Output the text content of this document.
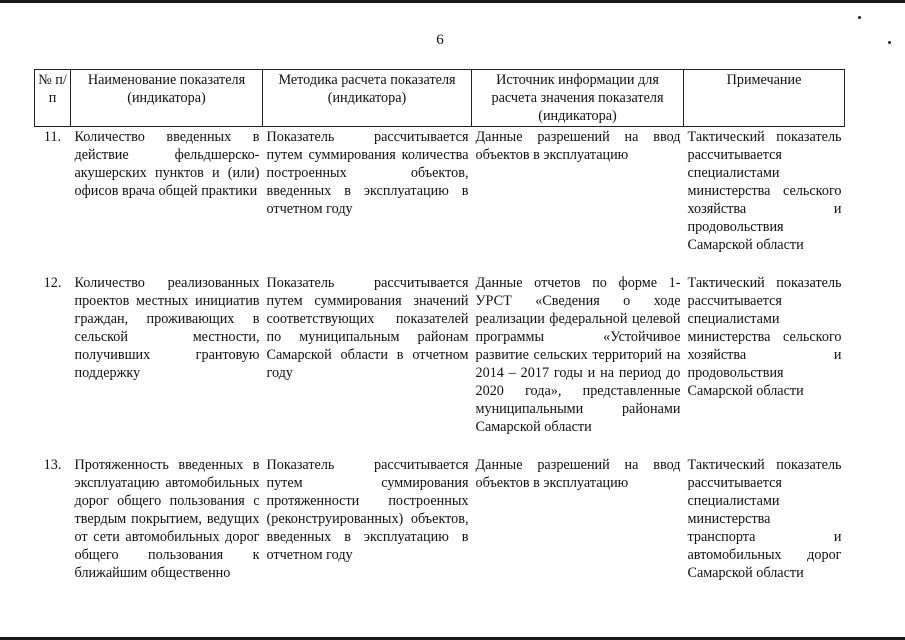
6
№ п/п	Наименование показателя (индикатора)	Методика расчета показателя (индикатора)	Источник информации для расчета значения показателя (индикатора)	Примечание
11.	Количество введенных в действие фельдшерско-акушерских пунктов и (или) офисов врача общей практики	Показатель рассчитывается путем суммирования количества построенных объектов, введенных в эксплуатацию в отчетном году	Данные разрешений на ввод объектов в эксплуатацию	Тактический показатель рассчитывается специалистами министерства сельского хозяйства и продовольствия Самарской области
12.	Количество реализованных проектов местных инициатив граждан, проживающих в сельской местности, получивших грантовую поддержку	Показатель рассчитывается путем суммирования значений соответствующих показателей по муниципальным районам Самарской области в отчетном году	Данные отчетов по форме 1-УРСТ «Сведения о ходе реализации федеральной целевой программы «Устойчивое развитие сельских территорий на 2014 – 2017 годы и на период до 2020 года», представленные муниципальными районами Самарской области	Тактический показатель рассчитывается специалистами министерства сельского хозяйства и продовольствия Самарской области
13.	Протяженность введенных в эксплуатацию автомобильных дорог общего пользования с твердым покрытием, ведущих от сети автомобильных дорог общего пользования к ближайшим общественно	Показатель рассчитывается путем суммирования протяженности построенных (реконструированных) объектов, введенных в эксплуатацию в отчетном году	Данные разрешений на ввод объектов в эксплуатацию	Тактический показатель рассчитывается специалистами министерства транспорта и автомобильных дорог Самарской области
